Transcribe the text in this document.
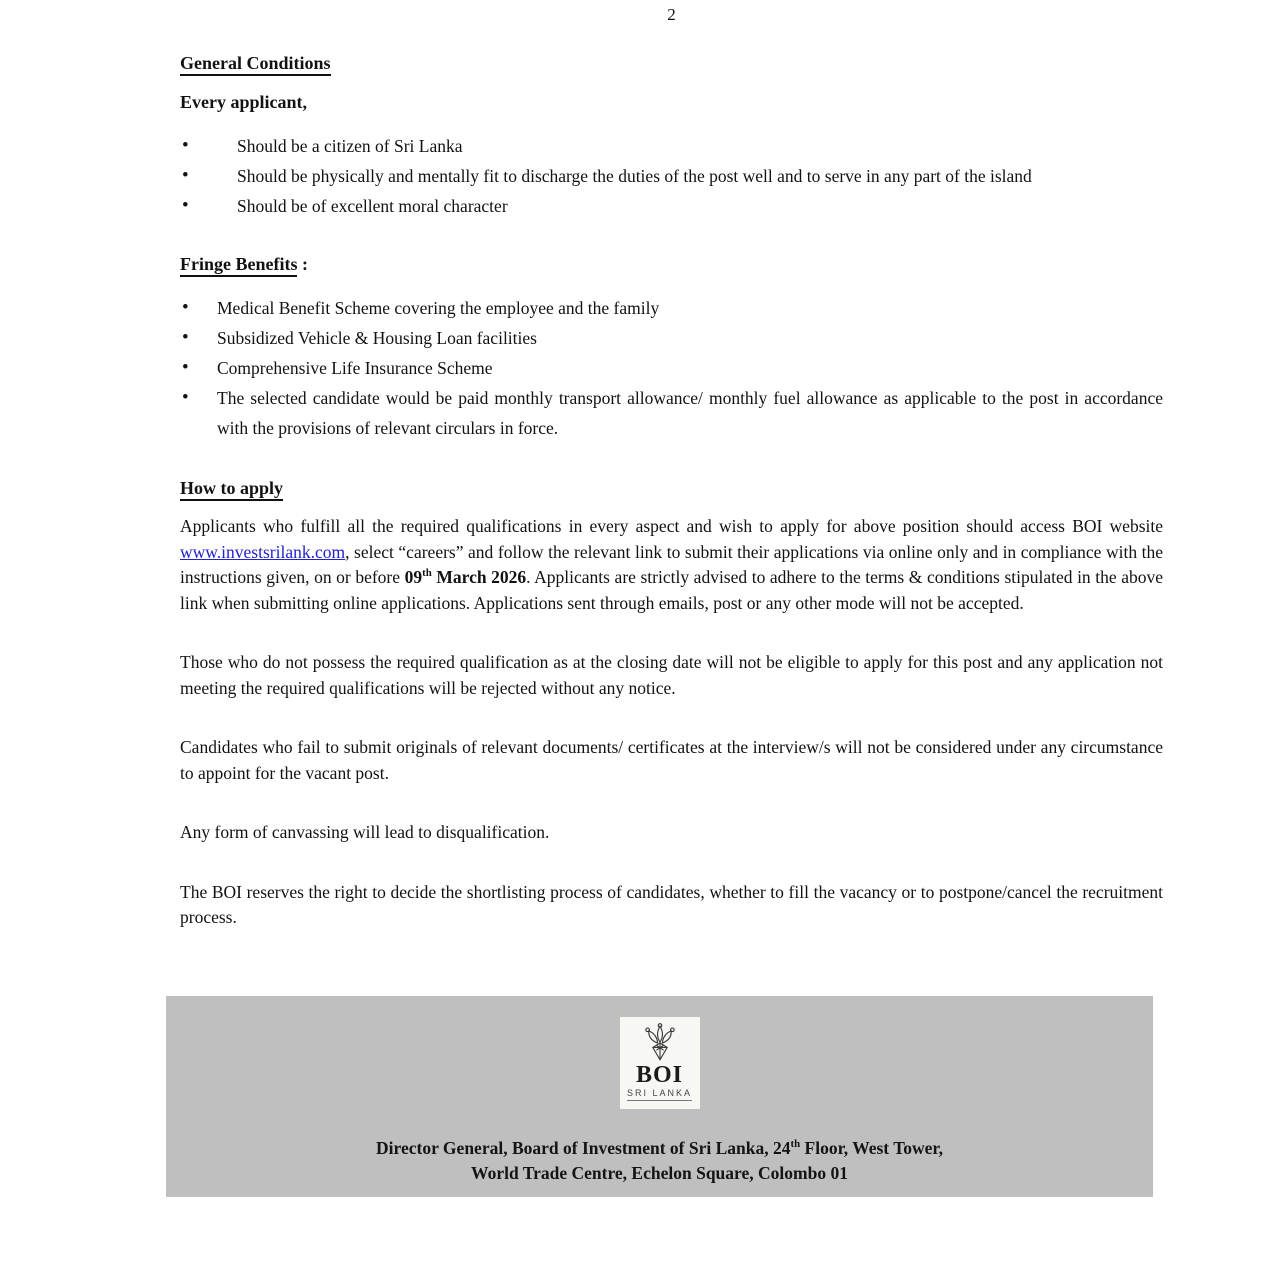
2
General Conditions
Every applicant,
• Should be a citizen of Sri Lanka
• Should be physically and mentally fit to discharge the duties of the post well and to serve in any part of the island
• Should be of excellent moral character
Fringe Benefits :
• Medical Benefit Scheme covering the employee and the family
• Subsidized Vehicle & Housing Loan facilities
• Comprehensive Life Insurance Scheme
• The selected candidate would be paid monthly transport allowance/ monthly fuel allowance as applicable to the post in accordance with the provisions of relevant circulars in force.
How to apply

Applicants who fulfill all the required qualifications in every aspect and wish to apply for above position should access BOI website www.investsrilank.com, select “careers” and follow the relevant link to submit their applications via online only and in compliance with the instructions given, on or before 09th March 2026. Applicants are strictly advised to adhere to the terms & conditions stipulated in the above link when submitting online applications. Applications sent through emails, post or any other mode will not be accepted.

Those who do not possess the required qualification as at the closing date will not be eligible to apply for this post and any application not meeting the required qualifications will be rejected without any notice.

Candidates who fail to submit originals of relevant documents/ certificates at the interview/s will not be considered under any circumstance to appoint for the vacant post.

Any form of canvassing will lead to disqualification.

The BOI reserves the right to decide the shortlisting process of candidates, whether to fill the vacancy or to postpone/cancel the recruitment process.

BOI
SRI LANKA
Director General, Board of Investment of Sri Lanka, 24th Floor, West Tower,
World Trade Centre, Echelon Square, Colombo 01
